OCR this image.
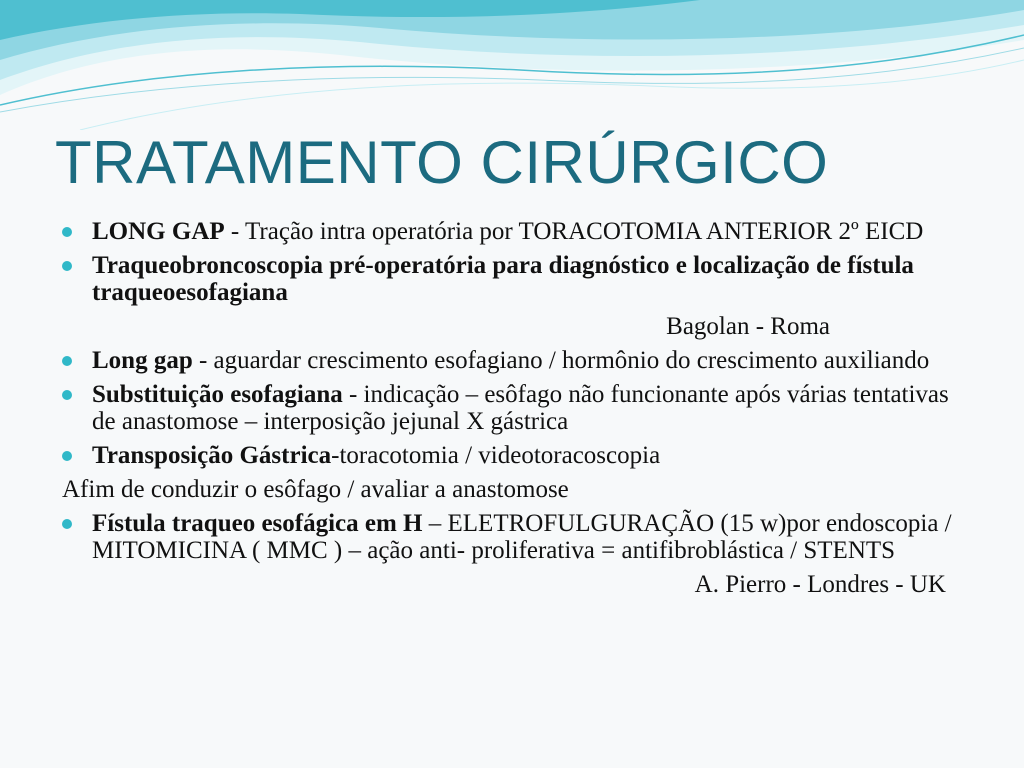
TRATAMENTO CIRÚRGICO
LONG GAP - Tração intra operatória por TORACOTOMIA ANTERIOR 2º EICD
Traqueobroncoscopia pré-operatória para diagnóstico e localização de fístula traqueoesofagiana
Bagolan - Roma
Long gap - aguardar crescimento esofagiano / hormônio do crescimento auxiliando
Substituição esofagiana - indicação – esôfago não funcionante após várias tentativas de anastomose – interposição jejunal X gástrica
Transposição Gástrica-toracotomia / videotoracoscopia
Afim de conduzir o esôfago / avaliar a anastomose
Fístula traqueo esofágica em H – ELETROFULGURAÇÃO (15 w)por endoscopia / MITOMICINA ( MMC ) – ação anti- proliferativa = antifibroblástica / STENTS
A. Pierro - Londres - UK
